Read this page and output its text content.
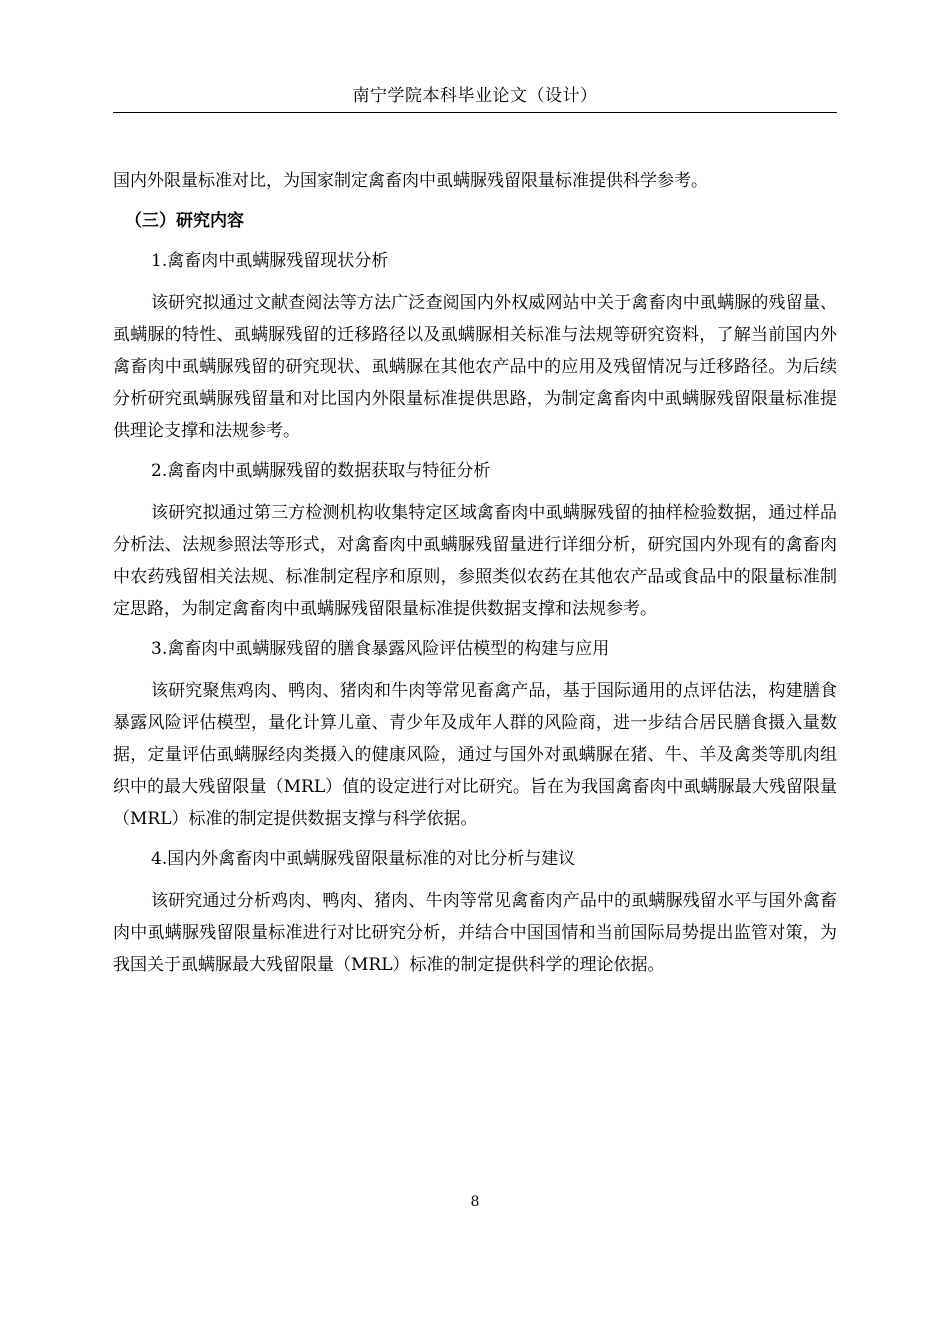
南宁学院本科毕业论文（设计）

国内外限量标准对比，为国家制定禽畜肉中虱螨脲残留限量标准提供科学参考。

（三）研究内容

1.禽畜肉中虱螨脲残留现状分析

该研究拟通过文献查阅法等方法广泛查阅国内外权威网站中关于禽畜肉中虱螨脲的残留量、虱螨脲的特性、虱螨脲残留的迁移路径以及虱螨脲相关标准与法规等研究资料，了解当前国内外禽畜肉中虱螨脲残留的研究现状、虱螨脲在其他农产品中的应用及残留情况与迁移路径。为后续分析研究虱螨脲残留量和对比国内外限量标准提供思路，为制定禽畜肉中虱螨脲残留限量标准提供理论支撑和法规参考。

2.禽畜肉中虱螨脲残留的数据获取与特征分析

该研究拟通过第三方检测机构收集特定区域禽畜肉中虱螨脲残留的抽样检验数据，通过样品分析法、法规参照法等形式，对禽畜肉中虱螨脲残留量进行详细分析，研究国内外现有的禽畜肉中农药残留相关法规、标准制定程序和原则，参照类似农药在其他农产品或食品中的限量标准制定思路，为制定禽畜肉中虱螨脲残留限量标准提供数据支撑和法规参考。

3.禽畜肉中虱螨脲残留的膳食暴露风险评估模型的构建与应用

该研究聚焦鸡肉、鸭肉、猪肉和牛肉等常见畜禽产品，基于国际通用的点评估法，构建膳食暴露风险评估模型，量化计算儿童、青少年及成年人群的风险商，进一步结合居民膳食摄入量数据，定量评估虱螨脲经肉类摄入的健康风险，通过与国外对虱螨脲在猪、牛、羊及禽类等肌肉组织中的最大残留限量（MRL）值的设定进行对比研究。旨在为我国禽畜肉中虱螨脲最大残留限量（MRL）标准的制定提供数据支撑与科学依据。

4.国内外禽畜肉中虱螨脲残留限量标准的对比分析与建议

该研究通过分析鸡肉、鸭肉、猪肉、牛肉等常见禽畜肉产品中的虱螨脲残留水平与国外禽畜肉中虱螨脲残留限量标准进行对比研究分析，并结合中国国情和当前国际局势提出监管对策，为我国关于虱螨脲最大残留限量（MRL）标准的制定提供科学的理论依据。

8
